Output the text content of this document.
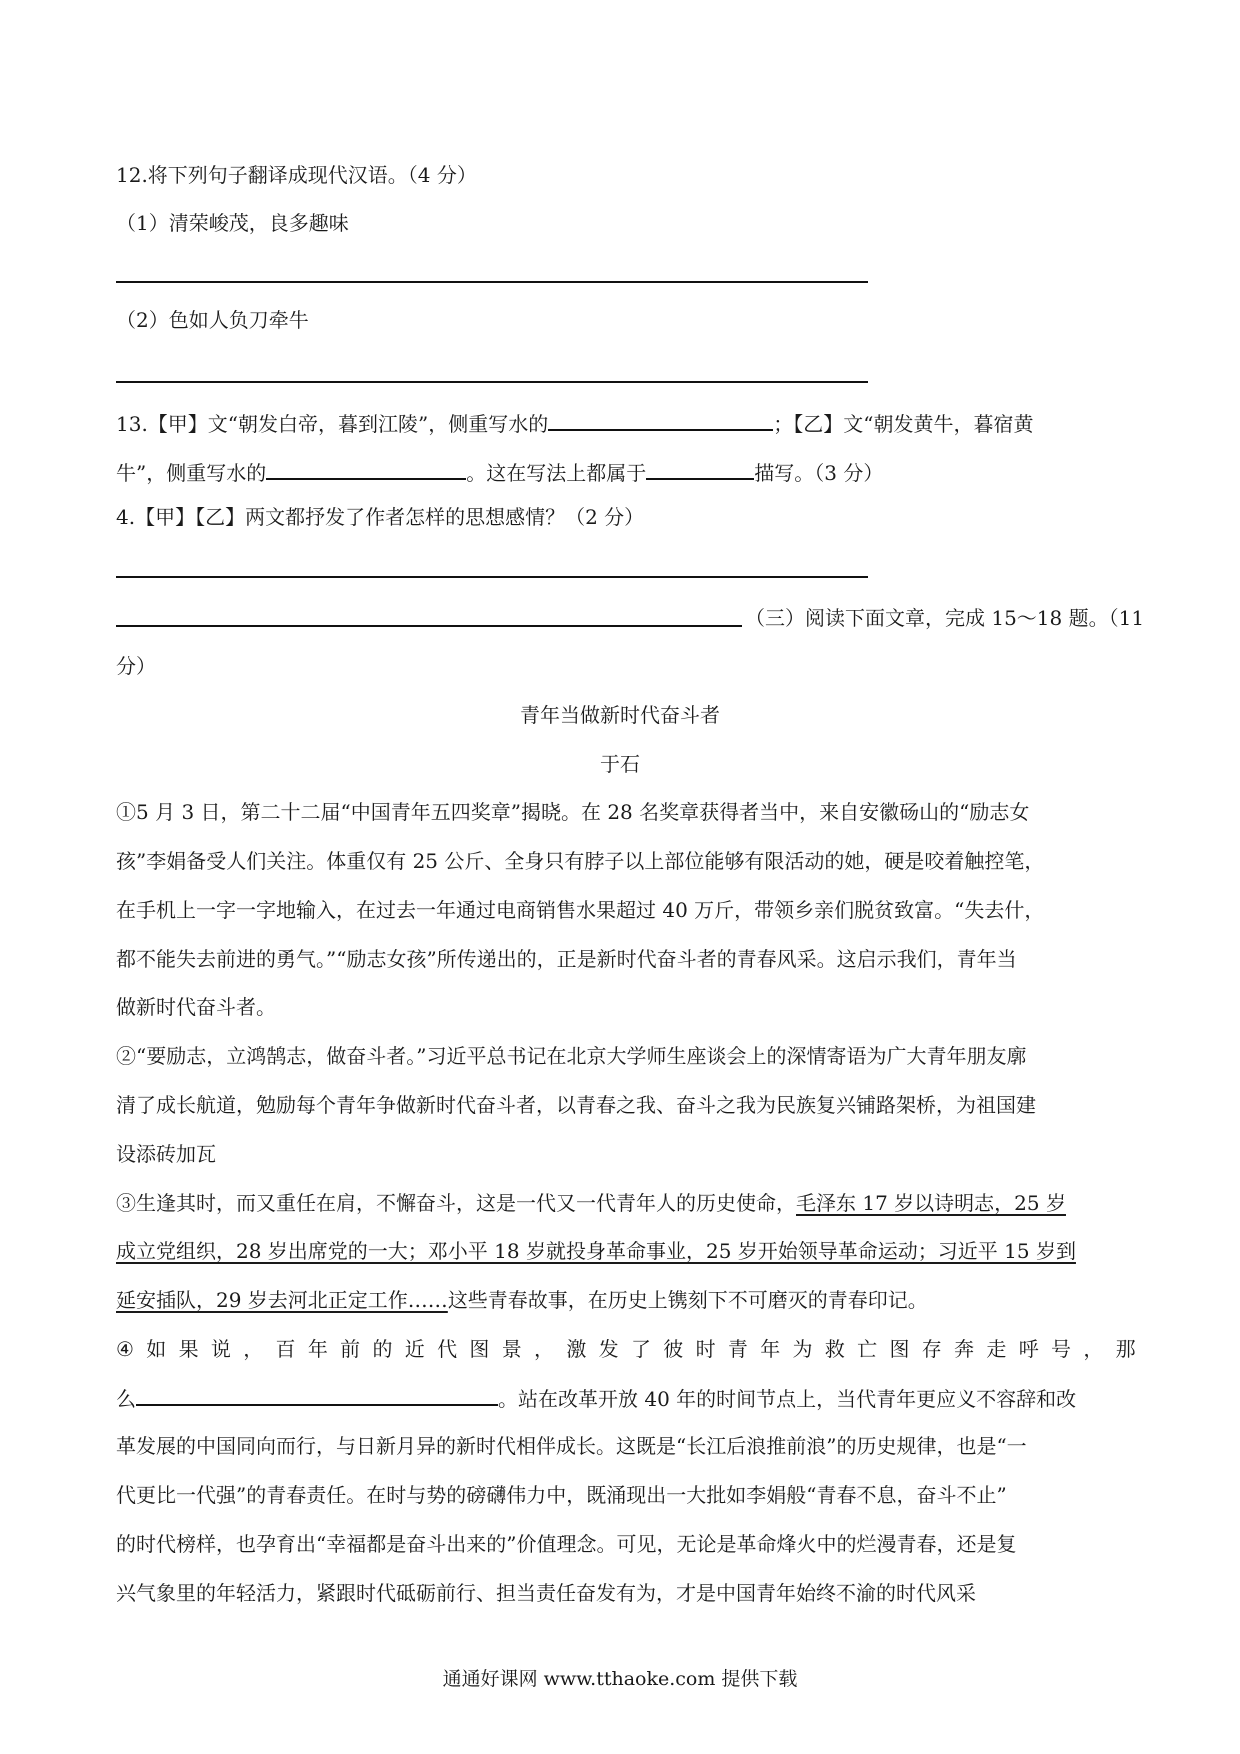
12.将下列句子翻译成现代汉语。（4 分）
（1）清荣峻茂，良多趣味
（2）色如人负刀牵牛
13.【甲】文“朝发白帝，暮到江陵”，侧重写水的	；【乙】文“朝发黄牛，暮宿黄
牛”，侧重写水的	。这在写法上都属于	描写。（3 分）
4.【甲】【乙】两文都抒发了作者怎样的思想感情？（2 分）
（三）阅读下面文章，完成 15～18 题。（11
分）
青年当做新时代奋斗者
于石
①5 月 3 日，第二十二届“中国青年五四奖章”揭晓。在 28 名奖章获得者当中，来自安徽砀山的“励志女
孩”李娟备受人们关注。体重仅有 25 公斤、全身只有脖子以上部位能够有限活动的她，硬是咬着触控笔，
在手机上一字一字地输入，在过去一年通过电商销售水果超过 40 万斤，带领乡亲们脱贫致富。“失去什，
都不能失去前进的勇气。”“励志女孩”所传递出的，正是新时代奋斗者的青春风采。这启示我们，青年当
做新时代奋斗者。
②“要励志，立鸿鹄志，做奋斗者。”习近平总书记在北京大学师生座谈会上的深情寄语为广大青年朋友廓
清了成长航道，勉励每个青年争做新时代奋斗者，以青春之我、奋斗之我为民族复兴铺路架桥，为祖国建
设添砖加瓦
③生逢其时，而又重任在肩，不懈奋斗，这是一代又一代青年人的历史使命，毛泽东 17 岁以诗明志，25 岁
成立党组织，28 岁出席党的一大；邓小平 18 岁就投身革命事业，25 岁开始领导革命运动；习近平 15 岁到
延安插队，29 岁去河北正定工作……这些青春故事，在历史上镌刻下不可磨灭的青春印记。
④ 如 果 说 ， 百 年 前 的 近 代 图 景 ， 激 发 了 彼 时 青 年 为 救 亡 图 存 奔 走 呼 号 ， 那
么	。站在改革开放 40 年的时间节点上，当代青年更应义不容辞和改
革发展的中国同向而行，与日新月异的新时代相伴成长。这既是“长江后浪推前浪”的历史规律，也是“一
代更比一代强”的青春责任。在时与势的磅礴伟力中，既涌现出一大批如李娟般“青春不息，奋斗不止”
的时代榜样，也孕育出“幸福都是奋斗出来的”价值理念。可见，无论是革命烽火中的烂漫青春，还是复
兴气象里的年轻活力，紧跟时代砥砺前行、担当责任奋发有为，才是中国青年始终不渝的时代风采
通通好课网 www.tthaoke.com 提供下载
